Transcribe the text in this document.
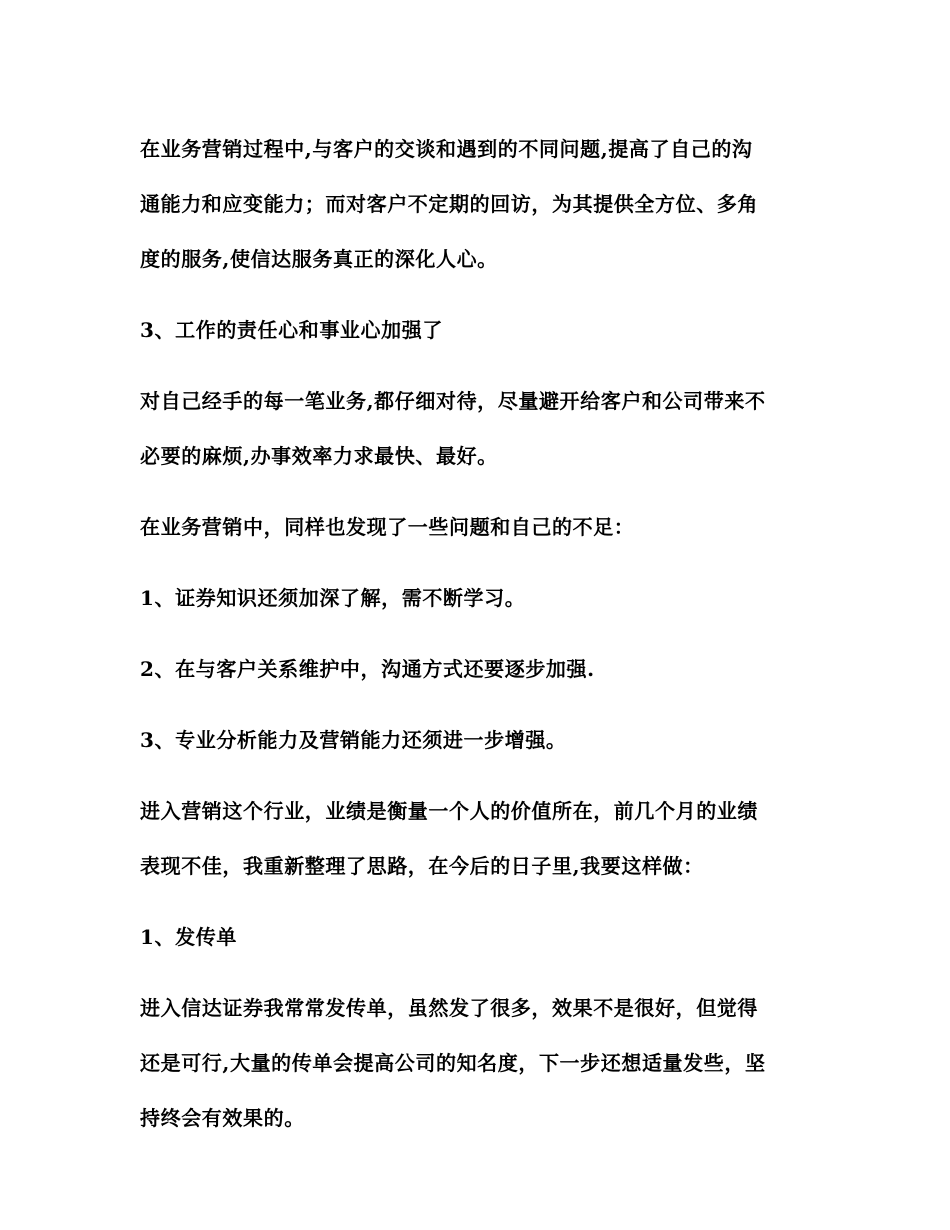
在业务营销过程中,与客户的交谈和遇到的不同问题,提高了自己的沟
通能力和应变能力；而对客户不定期的回访，为其提供全方位、多角
度的服务,使信达服务真正的深化人心。

3、工作的责任心和事业心加强了

对自己经手的每一笔业务,都仔细对待，尽量避开给客户和公司带来不
必要的麻烦,办事效率力求最快、最好。

在业务营销中，同样也发现了一些问题和自己的不足：

1、证券知识还须加深了解，需不断学习。

2、在与客户关系维护中，沟通方式还要逐步加强.

3、专业分析能力及营销能力还须进一步增强。

进入营销这个行业，业绩是衡量一个人的价值所在，前几个月的业绩
表现不佳，我重新整理了思路，在今后的日子里,我要这样做：

1、发传单

进入信达证券我常常发传单，虽然发了很多，效果不是很好，但觉得
还是可行,大量的传单会提高公司的知名度，下一步还想适量发些，坚
持终会有效果的。
